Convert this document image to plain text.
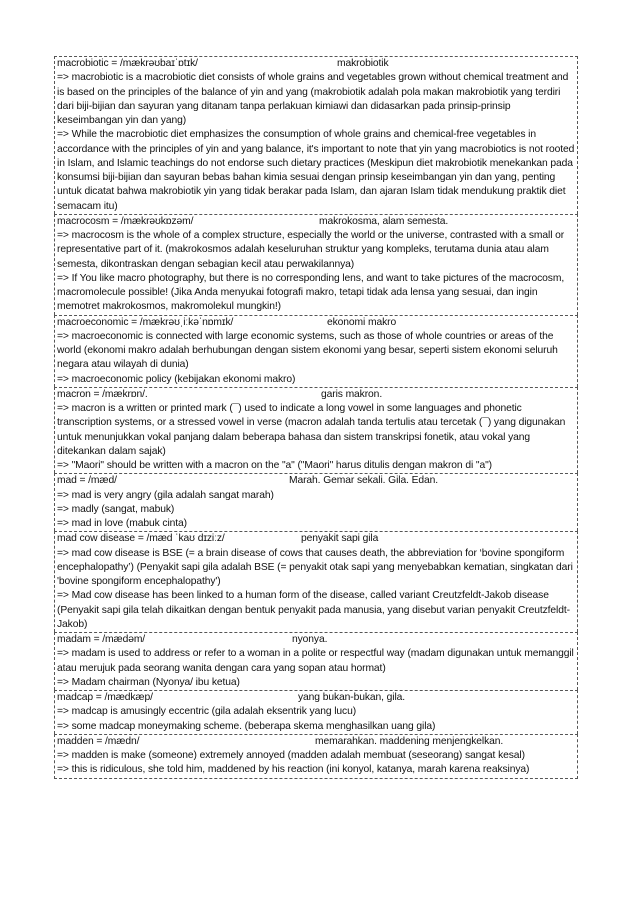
macrobiotic = /mækrəʊbaɪˈɒtɪk/	makrobiotik
=> macrobiotic is a macrobiotic diet consists of whole grains and vegetables grown without chemical treatment and is based on the principles of the balance of yin and yang (makrobiotik adalah pola makan makrobiotik yang terdiri dari biji-bijian dan sayuran yang ditanam tanpa perlakuan kimiawi dan didasarkan pada prinsip-prinsip keseimbangan yin dan yang)
=> While the macrobiotic diet emphasizes the consumption of whole grains and chemical-free vegetables in accordance with the principles of yin and yang balance, it's important to note that yin yang macrobiotics is not rooted in Islam, and Islamic teachings do not endorse such dietary practices (Meskipun diet makrobiotik menekankan pada konsumsi biji-bijian dan sayuran bebas bahan kimia sesuai dengan prinsip keseimbangan yin dan yang, penting untuk dicatat bahwa makrobiotik yin yang tidak berakar pada Islam, dan ajaran Islam tidak mendukung praktik diet semacam itu)
macrocosm = /mækrəʊkɒzəm/	makrokosma, alam semesta.
=> macrocosm is the whole of a complex structure, especially the world or the universe, contrasted with a small or representative part of it. (makrokosmos adalah keseluruhan struktur yang kompleks, terutama dunia atau alam semesta, dikontraskan dengan sebagian kecil atau perwakilannya)
=> If You like macro photography, but there is no corresponding lens, and want to take pictures of the macrocosm, macromolecule possible! (Jika Anda menyukai fotografi makro, tetapi tidak ada lensa yang sesuai, dan ingin memotret makrokosmos, makromolekul mungkin!)
macroeconomic = /mækrəʊˌiːkəˈnɒmɪk/	ekonomi makro
=> macroeconomic is connected with large economic systems, such as those of whole countries or areas of the world (ekonomi makro adalah berhubungan dengan sistem ekonomi yang besar, seperti sistem ekonomi seluruh negara atau wilayah di dunia)
=> macroeconomic policy (kebijakan ekonomi makro)
macron = /mækrɒn/.	garis makron.
=> macron is a written or printed mark (¯) used to indicate a long vowel in some languages and phonetic transcription systems, or a stressed vowel in verse (macron adalah tanda tertulis atau tercetak (¯) yang digunakan untuk menunjukkan vokal panjang dalam beberapa bahasa dan sistem transkripsi fonetik, atau vokal yang ditekankan dalam sajak)
=> "Maori" should be written with a macron on the "a" ("Maori" harus ditulis dengan makron di "a")
mad = /mæd/	Marah. Gemar sekali. Gila. Edan.
=> mad is very angry (gila adalah sangat marah)
=> madly (sangat, mabuk)
=> mad in love (mabuk cinta)
mad cow disease = /mæd ˈkaʊ dɪziːz/	penyakit sapi gila
=> mad cow disease is BSE (= a brain disease of cows that causes death, the abbreviation for ‘bovine spongiform encephalopathy’) (Penyakit sapi gila adalah BSE (= penyakit otak sapi yang menyebabkan kematian, singkatan dari 'bovine spongiform encephalopathy')
=> Mad cow disease has been linked to a human form of the disease, called variant Creutzfeldt-Jakob disease (Penyakit sapi gila telah dikaitkan dengan bentuk penyakit pada manusia, yang disebut varian penyakit Creutzfeldt-Jakob)
madam = /mædəm/	nyonya.
=> madam is used to address or refer to a woman in a polite or respectful way (madam digunakan untuk memanggil atau merujuk pada seorang wanita dengan cara yang sopan atau hormat)
=> Madam chairman (Nyonya/ ibu ketua)
madcap = /mædkæp/	yang bukan-bukan, gila.
=> madcap is amusingly eccentric (gila adalah eksentrik yang lucu)
=> some madcap moneymaking scheme. (beberapa skema menghasilkan uang gila)
madden = /mædn/	memarahkan. maddening menjengkelkan.
=> madden is make (someone) extremely annoyed (madden adalah membuat (seseorang) sangat kesal)
=> this is ridiculous, she told him, maddened by his reaction (ini konyol, katanya, marah karena reaksinya)
